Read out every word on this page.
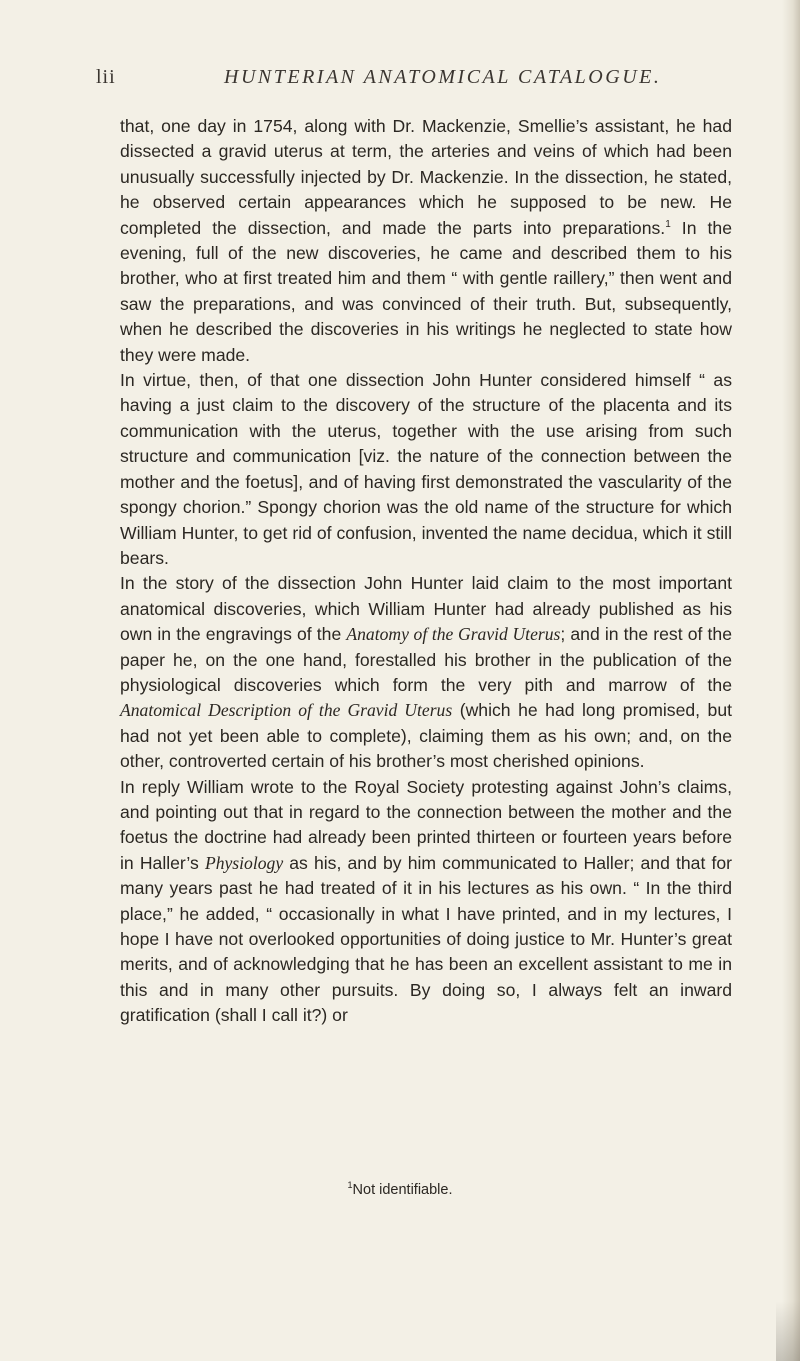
lii	HUNTERIAN ANATOMICAL CATALOGUE.

that, one day in 1754, along with Dr. Mackenzie, Smellie’s assistant, he had dissected a gravid uterus at term, the arteries and veins of which had been unusually successfully injected by Dr. Mackenzie. In the dissection, he stated, he observed certain appearances which he supposed to be new. He completed the dissection, and made the parts into preparations.$^1$ In the evening, full of the new discoveries, he came and described them to his brother, who at first treated him and them “ with gentle raillery,” then went and saw the preparations, and was convinced of their truth. But, subsequently, when he described the discoveries in his writings he neglected to state how they were made.

In virtue, then, of that one dissection John Hunter considered himself “ as having a just claim to the discovery of the structure of the placenta and its communication with the uterus, together with the use arising from such structure and communication [viz. the nature of the connection between the mother and the foetus], and of having first demonstrated the vascularity of the spongy chorion.” Spongy chorion was the old name of the structure for which William Hunter, to get rid of confusion, invented the name decidua, which it still bears.

In the story of the dissection John Hunter laid claim to the most important anatomical discoveries, which William Hunter had already published as his own in the engravings of the Anatomy of the Gravid Uterus; and in the rest of the paper he, on the one hand, forestalled his brother in the publication of the physiological discoveries which form the very pith and marrow of the Anatomical Description of the Gravid Uterus (which he had long promised, but had not yet been able to complete), claiming them as his own; and, on the other, controverted certain of his brother’s most cherished opinions.

In reply William wrote to the Royal Society protesting against John’s claims, and pointing out that in regard to the connection between the mother and the foetus the doctrine had already been printed thirteen or fourteen years before in Haller’s Physiology as his, and by him communicated to Haller; and that for many years past he had treated of it in his lectures as his own. “ In the third place,” he added, “ occasionally in what I have printed, and in my lectures, I hope I have not overlooked opportunities of doing justice to Mr. Hunter’s great merits, and of acknowledging that he has been an excellent assistant to me in this and in many other pursuits. By doing so, I always felt an inward gratification (shall I call it?) or

$^1$Not identifiable.
